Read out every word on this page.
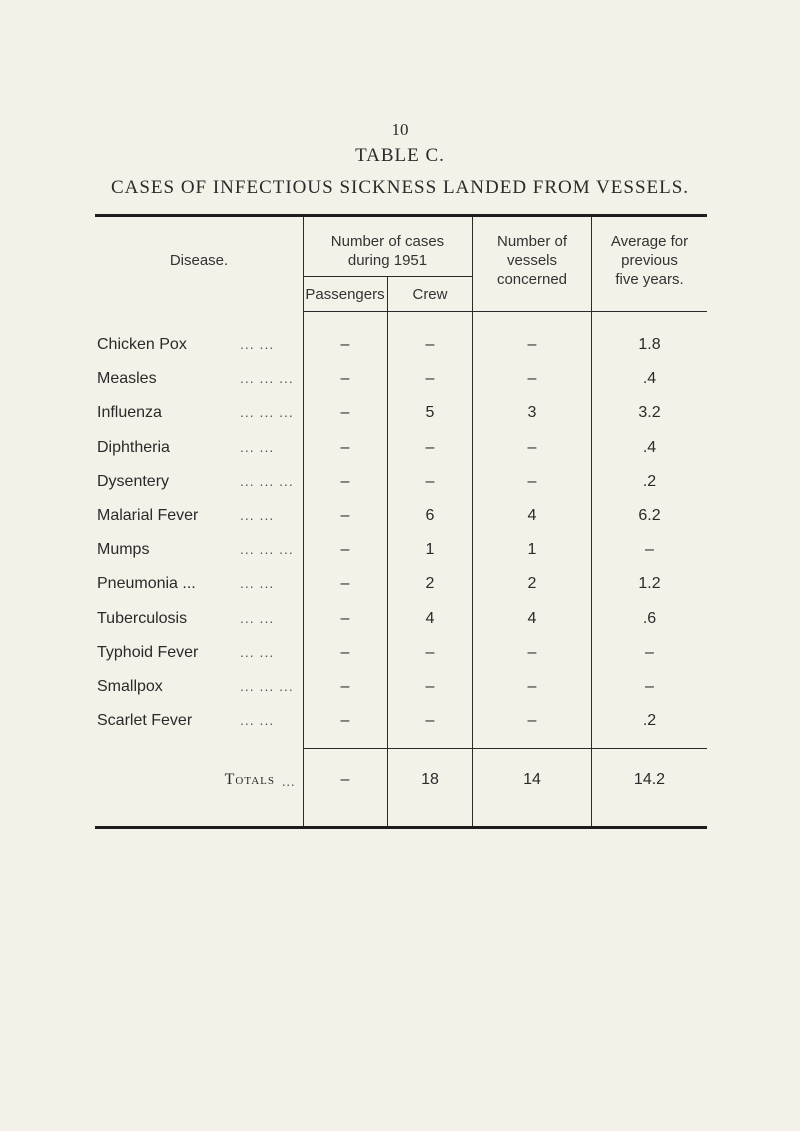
10
TABLE C.
CASES OF INFECTIOUS SICKNESS LANDED FROM VESSELS.
Disease.
Number of cases
during 1951
Passengers	Crew
Number of
vessels
concerned
Average for
previous
five years.
Chicken Pox	... ...	–	–	–	1.8
Measles	... ... ...	–	–	–	.4
Influenza	... ... ...	–	5	3	3.2
Diphtheria	... ...	–	–	–	.4
Dysentery	... ... ...	–	–	–	.2
Malarial Fever	... ...	–	6	4	6.2
Mumps	... ... ...	–	1	1	–
Pneumonia ...	... ...	–	2	2	1.2
Tuberculosis	... ...	–	4	4	.6
Typhoid Fever	... ...	–	–	–	–
Smallpox	... ... ...	–	–	–	–
Scarlet Fever	... ...	–	–	–	.2
Totals ...	–	18	14	14.2
